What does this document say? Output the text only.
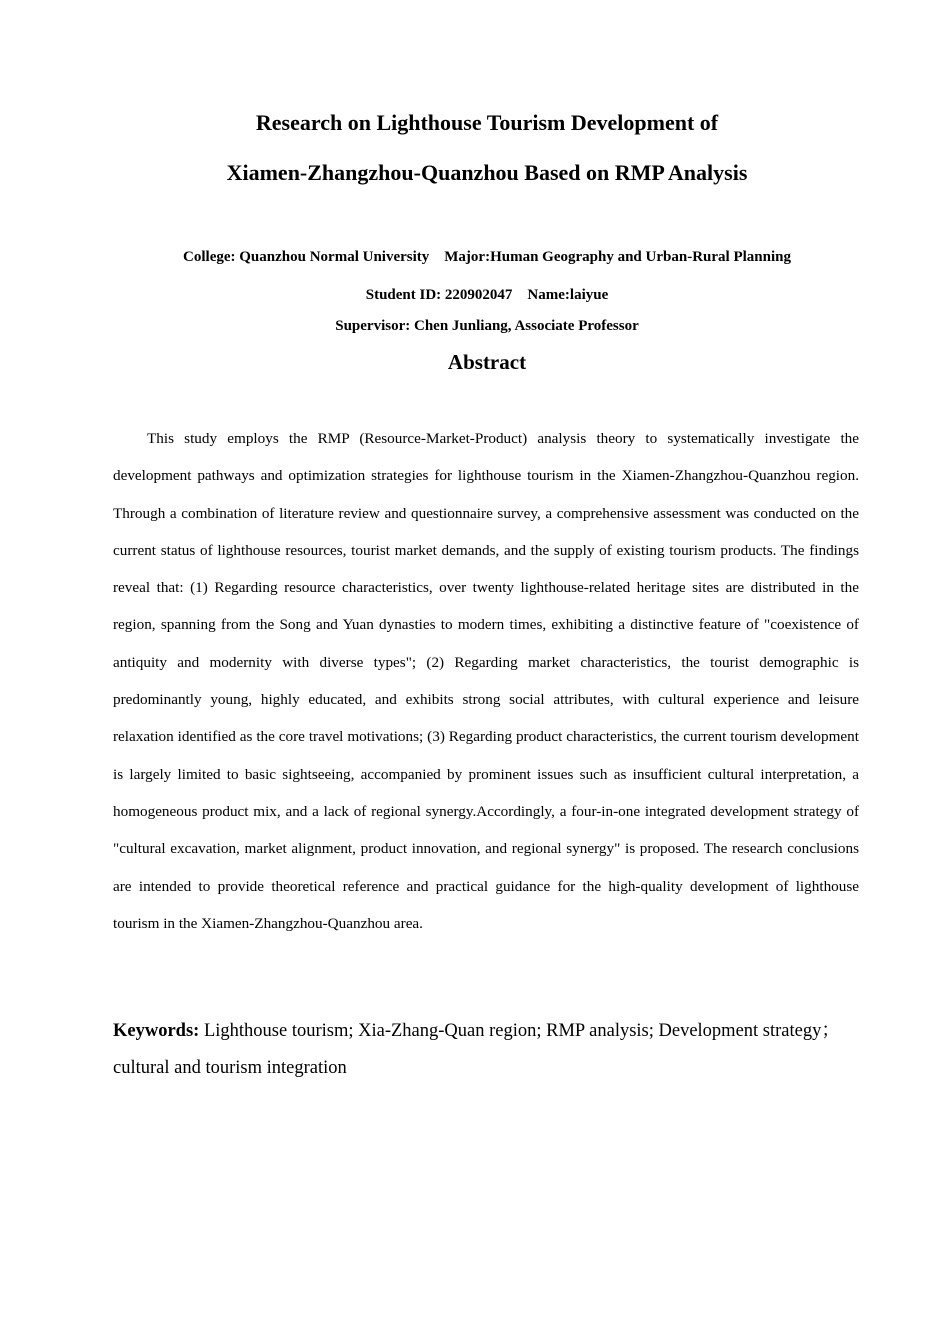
Research on Lighthouse Tourism Development of

Xiamen-Zhangzhou-Quanzhou Based on RMP Analysis

College: Quanzhou Normal University    Major:Human Geography and Urban-Rural Planning
Student ID: 220902047    Name:laiyue
Supervisor: Chen Junliang, Associate Professor
Abstract

This study employs the RMP (Resource-Market-Product) analysis theory to systematically investigate the development pathways and optimization strategies for lighthouse tourism in the Xiamen-Zhangzhou-Quanzhou region. Through a combination of literature review and questionnaire survey, a comprehensive assessment was conducted on the current status of lighthouse resources, tourist market demands, and the supply of existing tourism products. The findings reveal that: (1) Regarding resource characteristics, over twenty lighthouse-related heritage sites are distributed in the region, spanning from the Song and Yuan dynasties to modern times, exhibiting a distinctive feature of "coexistence of antiquity and modernity with diverse types"; (2) Regarding market characteristics, the tourist demographic is predominantly young, highly educated, and exhibits strong social attributes, with cultural experience and leisure relaxation identified as the core travel motivations; (3) Regarding product characteristics, the current tourism development is largely limited to basic sightseeing, accompanied by prominent issues such as insufficient cultural interpretation, a homogeneous product mix, and a lack of regional synergy.Accordingly, a four-in-one integrated development strategy of "cultural excavation, market alignment, product innovation, and regional synergy" is proposed. The research conclusions are intended to provide theoretical reference and practical guidance for the high-quality development of lighthouse tourism in the Xiamen-Zhangzhou-Quanzhou area.

Keywords: Lighthouse tourism; Xia-Zhang-Quan region; RMP analysis; Development strategy；cultural and tourism integration
